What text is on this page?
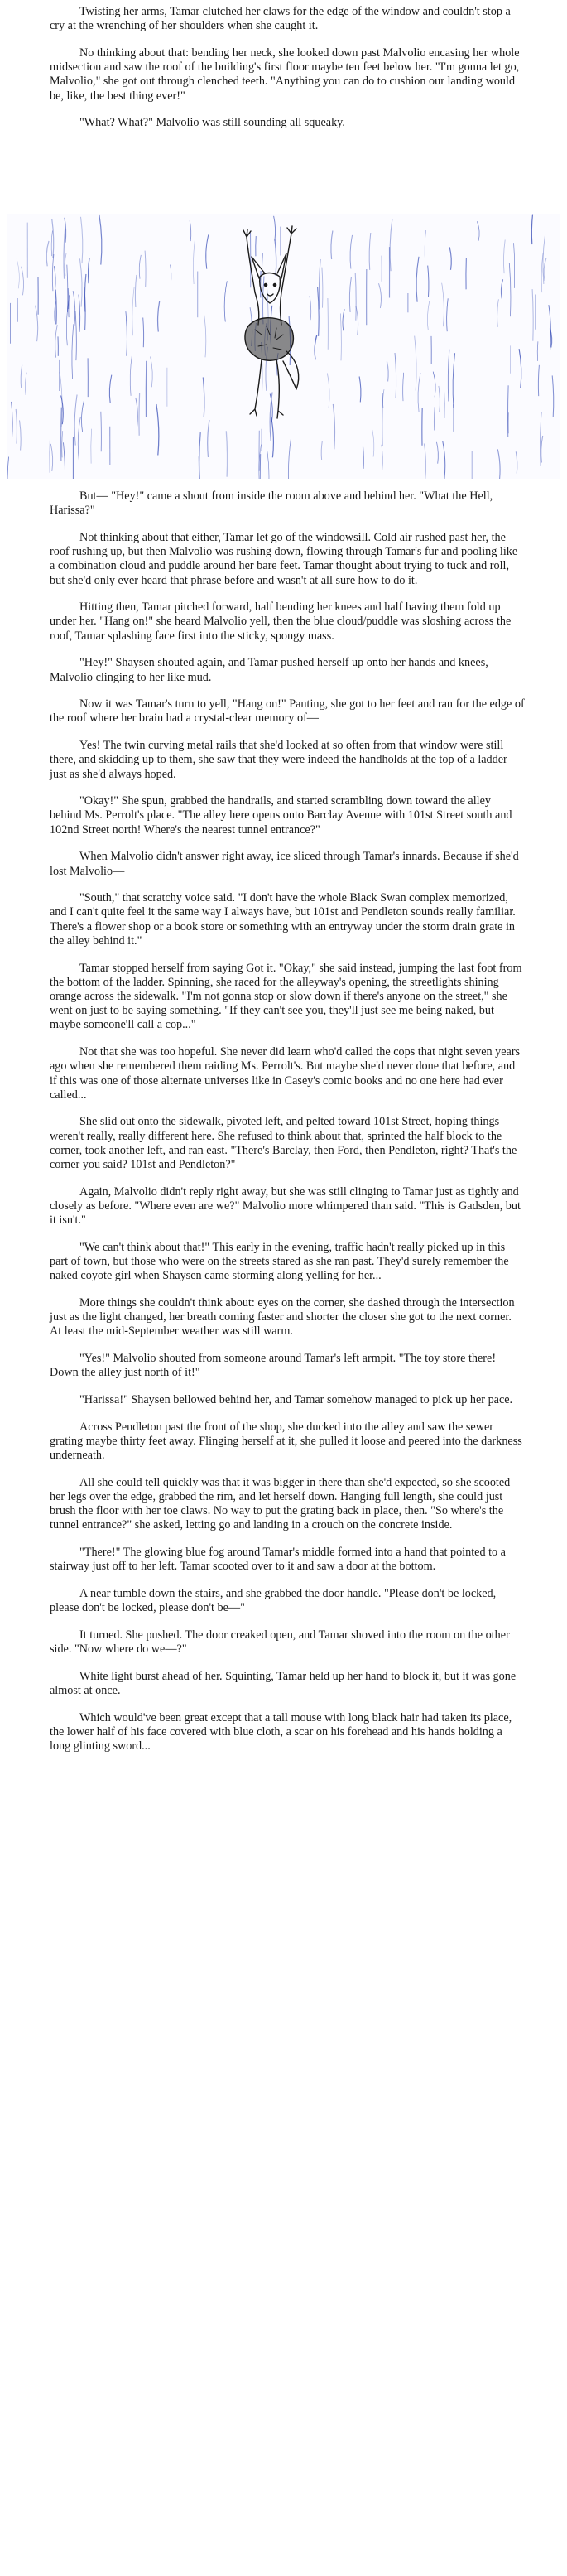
Twisting her arms, Tamar clutched her claws for the edge of the window and couldn't stop a cry at the wrenching of her shoulders when she caught it.

No thinking about that: bending her neck, she looked down past Malvolio encasing her whole midsection and saw the roof of the building's first floor maybe ten feet below her. "I'm gonna let go, Malvolio," she got out through clenched teeth. "Anything you can do to cushion our landing would be, like, the best thing ever!"

"What? What?" Malvolio was still sounding all squeaky.

But— "Hey!" came a shout from inside the room above and behind her. "What the Hell, Harissa?"

Not thinking about that either, Tamar let go of the windowsill. Cold air rushed past her, the roof rushing up, but then Malvolio was rushing down, flowing through Tamar's fur and pooling like a combination cloud and puddle around her bare feet. Tamar thought about trying to tuck and roll, but she'd only ever heard that phrase before and wasn't at all sure how to do it.

Hitting then, Tamar pitched forward, half bending her knees and half having them fold up under her. "Hang on!" she heard Malvolio yell, then the blue cloud/puddle was sloshing across the roof, Tamar splashing face first into the sticky, spongy mass.

"Hey!" Shaysen shouted again, and Tamar pushed herself up onto her hands and knees, Malvolio clinging to her like mud.

Now it was Tamar's turn to yell, "Hang on!" Panting, she got to her feet and ran for the edge of the roof where her brain had a crystal-clear memory of—

Yes! The twin curving metal rails that she'd looked at so often from that window were still there, and skidding up to them, she saw that they were indeed the handholds at the top of a ladder just as she'd always hoped.

"Okay!" She spun, grabbed the handrails, and started scrambling down toward the alley behind Ms. Perrolt's place. "The alley here opens onto Barclay Avenue with 101st Street south and 102nd Street north! Where's the nearest tunnel entrance?"

When Malvolio didn't answer right away, ice sliced through Tamar's innards. Because if she'd lost Malvolio—

"South," that scratchy voice said. "I don't have the whole Black Swan complex memorized, and I can't quite feel it the same way I always have, but 101st and Pendleton sounds really familiar. There's a flower shop or a book store or something with an entryway under the storm drain grate in the alley behind it."

Tamar stopped herself from saying Got it. "Okay," she said instead, jumping the last foot from the bottom of the ladder. Spinning, she raced for the alleyway's opening, the streetlights shining orange across the sidewalk. "I'm not gonna stop or slow down if there's anyone on the street," she went on just to be saying something. "If they can't see you, they'll just see me being naked, but maybe someone'll call a cop..."

Not that she was too hopeful. She never did learn who'd called the cops that night seven years ago when she remembered them raiding Ms. Perrolt's. But maybe she'd never done that before, and if this was one of those alternate universes like in Casey's comic books and no one here had ever called...

She slid out onto the sidewalk, pivoted left, and pelted toward 101st Street, hoping things weren't really, really different here. She refused to think about that, sprinted the half block to the corner, took another left, and ran east. "There's Barclay, then Ford, then Pendleton, right? That's the corner you said? 101st and Pendleton?"

Again, Malvolio didn't reply right away, but she was still clinging to Tamar just as tightly and closely as before. "Where even are we?" Malvolio more whimpered than said. "This is Gadsden, but it isn't."

"We can't think about that!" This early in the evening, traffic hadn't really picked up in this part of town, but those who were on the streets stared as she ran past. They'd surely remember the naked coyote girl when Shaysen came storming along yelling for her...

More things she couldn't think about: eyes on the corner, she dashed through the intersection just as the light changed, her breath coming faster and shorter the closer she got to the next corner. At least the mid-September weather was still warm.

"Yes!" Malvolio shouted from someone around Tamar's left armpit. "The toy store there! Down the alley just north of it!"

"Harissa!" Shaysen bellowed behind her, and Tamar somehow managed to pick up her pace.

Across Pendleton past the front of the shop, she ducked into the alley and saw the sewer grating maybe thirty feet away. Flinging herself at it, she pulled it loose and peered into the darkness underneath.

All she could tell quickly was that it was bigger in there than she'd expected, so she scooted her legs over the edge, grabbed the rim, and let herself down. Hanging full length, she could just brush the floor with her toe claws. No way to put the grating back in place, then. "So where's the tunnel entrance?" she asked, letting go and landing in a crouch on the concrete inside.

"There!" The glowing blue fog around Tamar's middle formed into a hand that pointed to a stairway just off to her left. Tamar scooted over to it and saw a door at the bottom.

A near tumble down the stairs, and she grabbed the door handle. "Please don't be locked, please don't be locked, please don't be—"

It turned. She pushed. The door creaked open, and Tamar shoved into the room on the other side. "Now where do we—?"

White light burst ahead of her. Squinting, Tamar held up her hand to block it, but it was gone almost at once.

Which would've been great except that a tall mouse with long black hair had taken its place, the lower half of his face covered with blue cloth, a scar on his forehead and his hands holding a long glinting sword...
